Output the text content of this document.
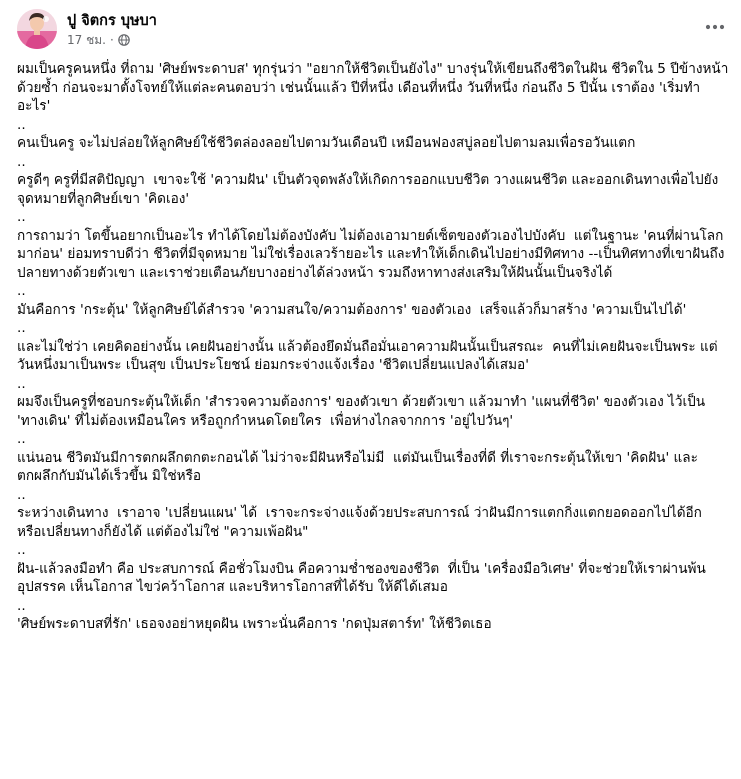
ปู จิตกร บุษบา
17 ชม. ·

ผมเป็นครูคนหนึ่ง ที่ถาม 'ศิษย์พระดาบส' ทุกรุ่นว่า "อยากให้ชีวิตเป็นยังไง" บางรุ่นให้เขียนถึงชีวิตในฝัน ชีวิตใน 5 ปีข้างหน้าด้วยซ้ำ ก่อนจะมาตั้งโจทย์ให้แต่ละคนตอบว่า เช่นนั้นแล้ว ปีที่หนึ่ง เดือนที่หนึ่ง วันที่หนึ่ง ก่อนถึง 5 ปีนั้น เราต้อง 'เริ่มทำอะไร'

..

คนเป็นครู จะไม่ปล่อยให้ลูกศิษย์ใช้ชีวิตล่องลอยไปตามวันเดือนปี เหมือนฟองสบู่ลอยไปตามลมเพื่อรอวันแตก

..

ครูดีๆ ครูที่มีสติปัญญา  เขาจะใช้ 'ความฝัน' เป็นตัวจุดพลังให้เกิดการออกแบบชีวิต วางแผนชีวิต และออกเดินทางเพื่อไปยังจุดหมายที่ลูกศิษย์เขา 'คิดเอง'

..

การถามว่า โตขึ้นอยากเป็นอะไร ทำได้โดยไม่ต้องบังคับ ไม่ต้องเอามายด์เซ็ตของตัวเองไปบังคับ  แต่ในฐานะ 'คนที่ผ่านโลกมาก่อน' ย่อมทราบดีว่า ชีวิตที่มีจุดหมาย ไม่ใช่เรื่องเลวร้ายอะไร และทำให้เด็กเดินไปอย่างมีทิศทาง --เป็นทิศทางที่เขาฝันถึงปลายทางด้วยตัวเขา และเราช่วยเตือนภัยบางอย่างได้ล่วงหน้า รวมถึงหาทางส่งเสริมให้ฝันนั้นเป็นจริงได้

..

มันคือการ 'กระตุ้น' ให้ลูกศิษย์ได้สำรวจ 'ความสนใจ/ความต้องการ' ของตัวเอง  เสร็จแล้วก็มาสร้าง 'ความเป็นไปได้'

..

และไม่ใช่ว่า เคยคิดอย่างนั้น เคยฝันอย่างนั้น แล้วต้องยึดมั่นถือมั่นเอาความฝันนั้นเป็นสรณะ  คนที่ไม่เคยฝันจะเป็นพระ แต่วันหนึ่งมาเป็นพระ เป็นสุข เป็นประโยชน์ ย่อมกระจ่างแจ้งเรื่อง 'ชีวิตเปลี่ยนแปลงได้เสมอ'

..

ผมจึงเป็นครูที่ชอบกระตุ้นให้เด็ก 'สำรวจความต้องการ' ของตัวเขา ด้วยตัวเขา แล้วมาทำ 'แผนที่ชีวิต' ของตัวเอง ไว้เป็น 'ทางเดิน' ที่ไม่ต้องเหมือนใคร หรือถูกกำหนดโดยใคร  เพื่อห่างไกลจากการ 'อยู่ไปวันๆ'

..

แน่นอน ชีวิตมันมีการตกผลึกตกตะกอนได้ ไม่ว่าจะมีฝันหรือไม่มี  แต่มันเป็นเรื่องที่ดี ที่เราจะกระตุ้นให้เขา 'คิดฝัน' และตกผลึกกับมันได้เร็วขึ้น มิใช่หรือ

..

ระหว่างเดินทาง  เราอาจ 'เปลี่ยนแผน' ได้  เราจะกระจ่างแจ้งด้วยประสบการณ์ ว่าฝันมีการแตกกิ่งแตกยอดออกไปได้อีก หรือเปลี่ยนทางก็ยังได้ แต่ต้องไม่ใช่ "ความเพ้อฝัน"

..

ฝัน-แล้วลงมือทำ คือ ประสบการณ์ คือชั่วโมงบิน คือความช่ำชองของชีวิต  ที่เป็น 'เครื่องมือวิเศษ' ที่จะช่วยให้เราผ่านพ้นอุปสรรค เห็นโอกาส ไขว่คว้าโอกาส และบริหารโอกาสที่ได้รับ ให้ดีได้เสมอ

..

'ศิษย์พระดาบสที่รัก' เธอจงอย่าหยุดฝัน เพราะนั่นคือการ 'กดปุ่มสตาร์ท' ให้ชีวิตเธอ
